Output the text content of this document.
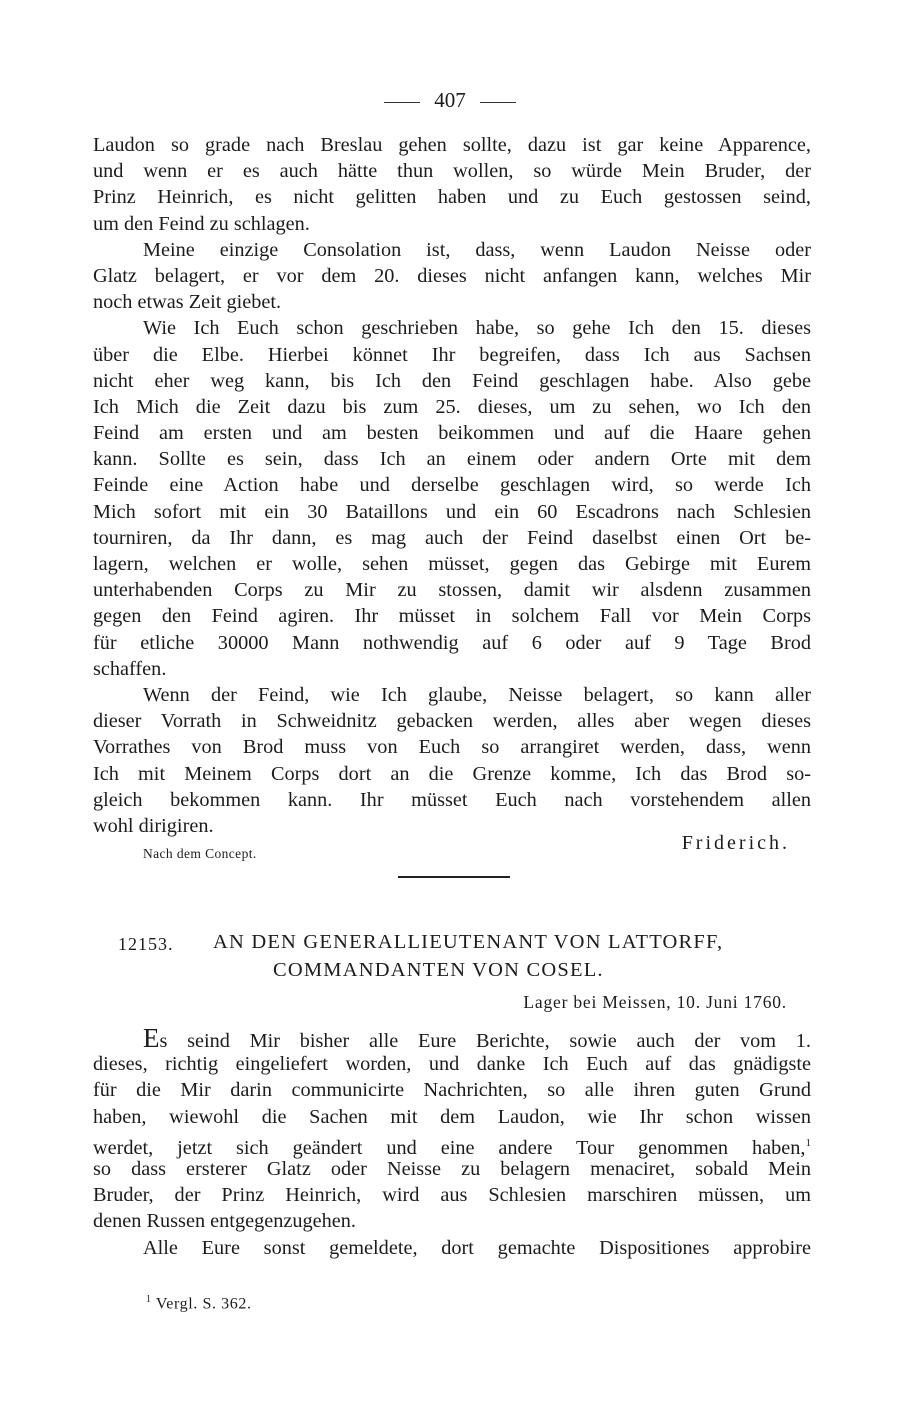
407
Laudon so grade nach Breslau gehen sollte, dazu ist gar keine Apparence,
und wenn er es auch hätte thun wollen, so würde Mein Bruder, der
Prinz Heinrich, es nicht gelitten haben und zu Euch gestossen seind,
um den Feind zu schlagen.
Meine einzige Consolation ist, dass, wenn Laudon Neisse oder
Glatz belagert, er vor dem 20. dieses nicht anfangen kann, welches Mir
noch etwas Zeit giebet.
Wie Ich Euch schon geschrieben habe, so gehe Ich den 15. dieses
über die Elbe. Hierbei könnet Ihr begreifen, dass Ich aus Sachsen
nicht eher weg kann, bis Ich den Feind geschlagen habe. Also gebe
Ich Mich die Zeit dazu bis zum 25. dieses, um zu sehen, wo Ich den
Feind am ersten und am besten beikommen und auf die Haare gehen
kann. Sollte es sein, dass Ich an einem oder andern Orte mit dem
Feinde eine Action habe und derselbe geschlagen wird, so werde Ich
Mich sofort mit ein 30 Bataillons und ein 60 Escadrons nach Schlesien
tourniren, da Ihr dann, es mag auch der Feind daselbst einen Ort be-
lagern, welchen er wolle, sehen müsset, gegen das Gebirge mit Eurem
unterhabenden Corps zu Mir zu stossen, damit wir alsdenn zusammen
gegen den Feind agiren. Ihr müsset in solchem Fall vor Mein Corps
für etliche 30000 Mann nothwendig auf 6 oder auf 9 Tage Brod
schaffen.
Wenn der Feind, wie Ich glaube, Neisse belagert, so kann aller
dieser Vorrath in Schweidnitz gebacken werden, alles aber wegen dieses
Vorrathes von Brod muss von Euch so arrangiret werden, dass, wenn
Ich mit Meinem Corps dort an die Grenze komme, Ich das Brod so-
gleich bekommen kann. Ihr müsset Euch nach vorstehendem allen
wohl dirigiren.
Nach dem Concept.	Friderich.
12153. AN DEN GENERALLIEUTENANT VON LATTORFF,
COMMANDANTEN VON COSEL.
Lager bei Meissen, 10. Juni 1760.
Es seind Mir bisher alle Eure Berichte, sowie auch der vom 1.
dieses, richtig eingeliefert worden, und danke Ich Euch auf das gnädigste
für die Mir darin communicirte Nachrichten, so alle ihren guten Grund
haben, wiewohl die Sachen mit dem Laudon, wie Ihr schon wissen
werdet, jetzt sich geändert und eine andere Tour genommen haben,$^1$
so dass ersterer Glatz oder Neisse zu belagern menaciret, sobald Mein
Bruder, der Prinz Heinrich, wird aus Schlesien marschiren müssen, um
denen Russen entgegenzugehen.
Alle Eure sonst gemeldete, dort gemachte Dispositiones approbire
$^1$ Vergl. S. 362.
